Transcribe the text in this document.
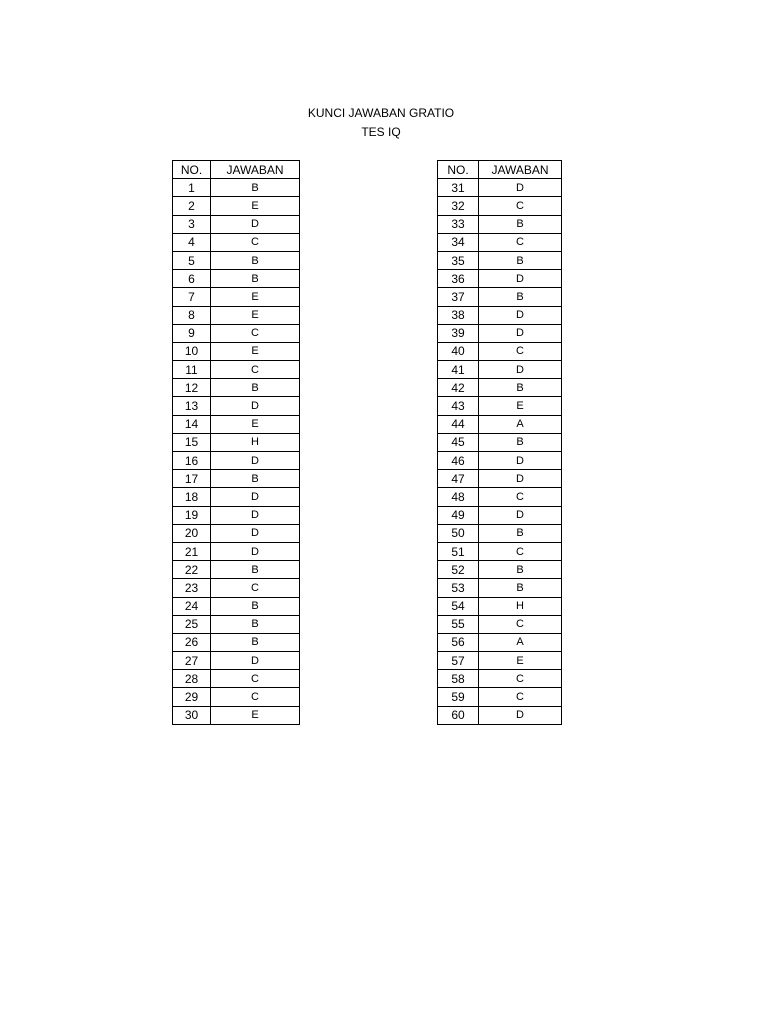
KUNCI JAWABAN GRATIO
TES IQ
NO.	JAWABAN
1	B
2	E
3	D
4	C
5	B
6	B
7	E
8	E
9	C
10	E
11	C
12	B
13	D
14	E
15	H
16	D
17	B
18	D
19	D
20	D
21	D
22	B
23	C
24	B
25	B
26	B
27	D
28	C
29	C
30	E
NO.	JAWABAN
31	D
32	C
33	B
34	C
35	B
36	D
37	B
38	D
39	D
40	C
41	D
42	B
43	E
44	A
45	B
46	D
47	D
48	C
49	D
50	B
51	C
52	B
53	B
54	H
55	C
56	A
57	E
58	C
59	C
60	D
